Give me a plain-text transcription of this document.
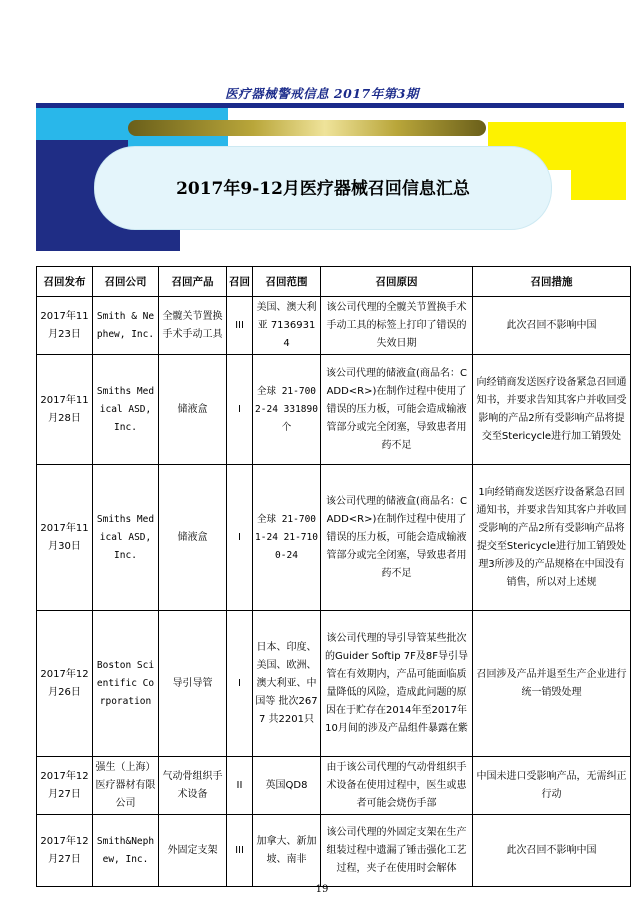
医疗器械警戒信息 2017年第3期
2017年9-12月医疗器械召回信息汇总
召回发布	召回公司	召回产品	召回	召回范围	召回原因	召回措施
2017年11月23日	Smith & Nephew, Inc.	全髋关节置换手术手动工具	III	美国、澳大利亚 71369314	该公司代理的全髋关节置换手术手动工具的标签上打印了错误的失效日期	此次召回不影响中国
2017年11月28日	Smiths Medical ASD, Inc.	储液盒	I	全球 21-7002-24 331890个	该公司代理的储液盒(商品名：CADD<R>)在制作过程中使用了错误的压力板，可能会造成输液管部分或完全闭塞，导致患者用药不足	向经销商发送医疗设备紧急召回通知书，并要求告知其客户并收回受影响的产品2所有受影响产品将提交至Stericycle进行加工销毁处
2017年11月30日	Smiths Medical ASD, Inc.	储液盒	I	全球 21-7001-24 21-7100-24	该公司代理的储液盒(商品名：CADD<R>)在制作过程中使用了错误的压力板，可能会造成输液管部分或完全闭塞，导致患者用药不足	1向经销商发送医疗设备紧急召回通知书，并要求告知其客户并收回受影响的产品2所有受影响产品将提交至Stericycle进行加工销毁处理3所涉及的产品规格在中国没有销售，所以对上述规
2017年12月26日	Boston Scientific Corporation	导引导管	I	日本、印度、美国、欧洲、澳大利亚、中国等 批次2677 共2201只	该公司代理的导引导管某些批次的Guider Softip 7F及8F导引导管在有效期内，产品可能面临质量降低的风险，造成此问题的原因在于贮存在2014年至2017年10月间的涉及产品组件暴露在紫	召回涉及产品并退至生产企业进行统一销毁处理
2017年12月27日	强生（上海）医疗器材有限公司	气动骨组织手术设备	II	英国QD8	由于该公司代理的气动骨组织手术设备在使用过程中，医生或患者可能会烧伤手部	中国未进口受影响产品，无需纠正行动
2017年12月27日	Smith&Nephew, Inc.	外固定支架	III	加拿大、新加坡、南非	该公司代理的外固定支架在生产组装过程中遗漏了锤击强化工艺过程，夹子在使用时会解体	此次召回不影响中国
19
